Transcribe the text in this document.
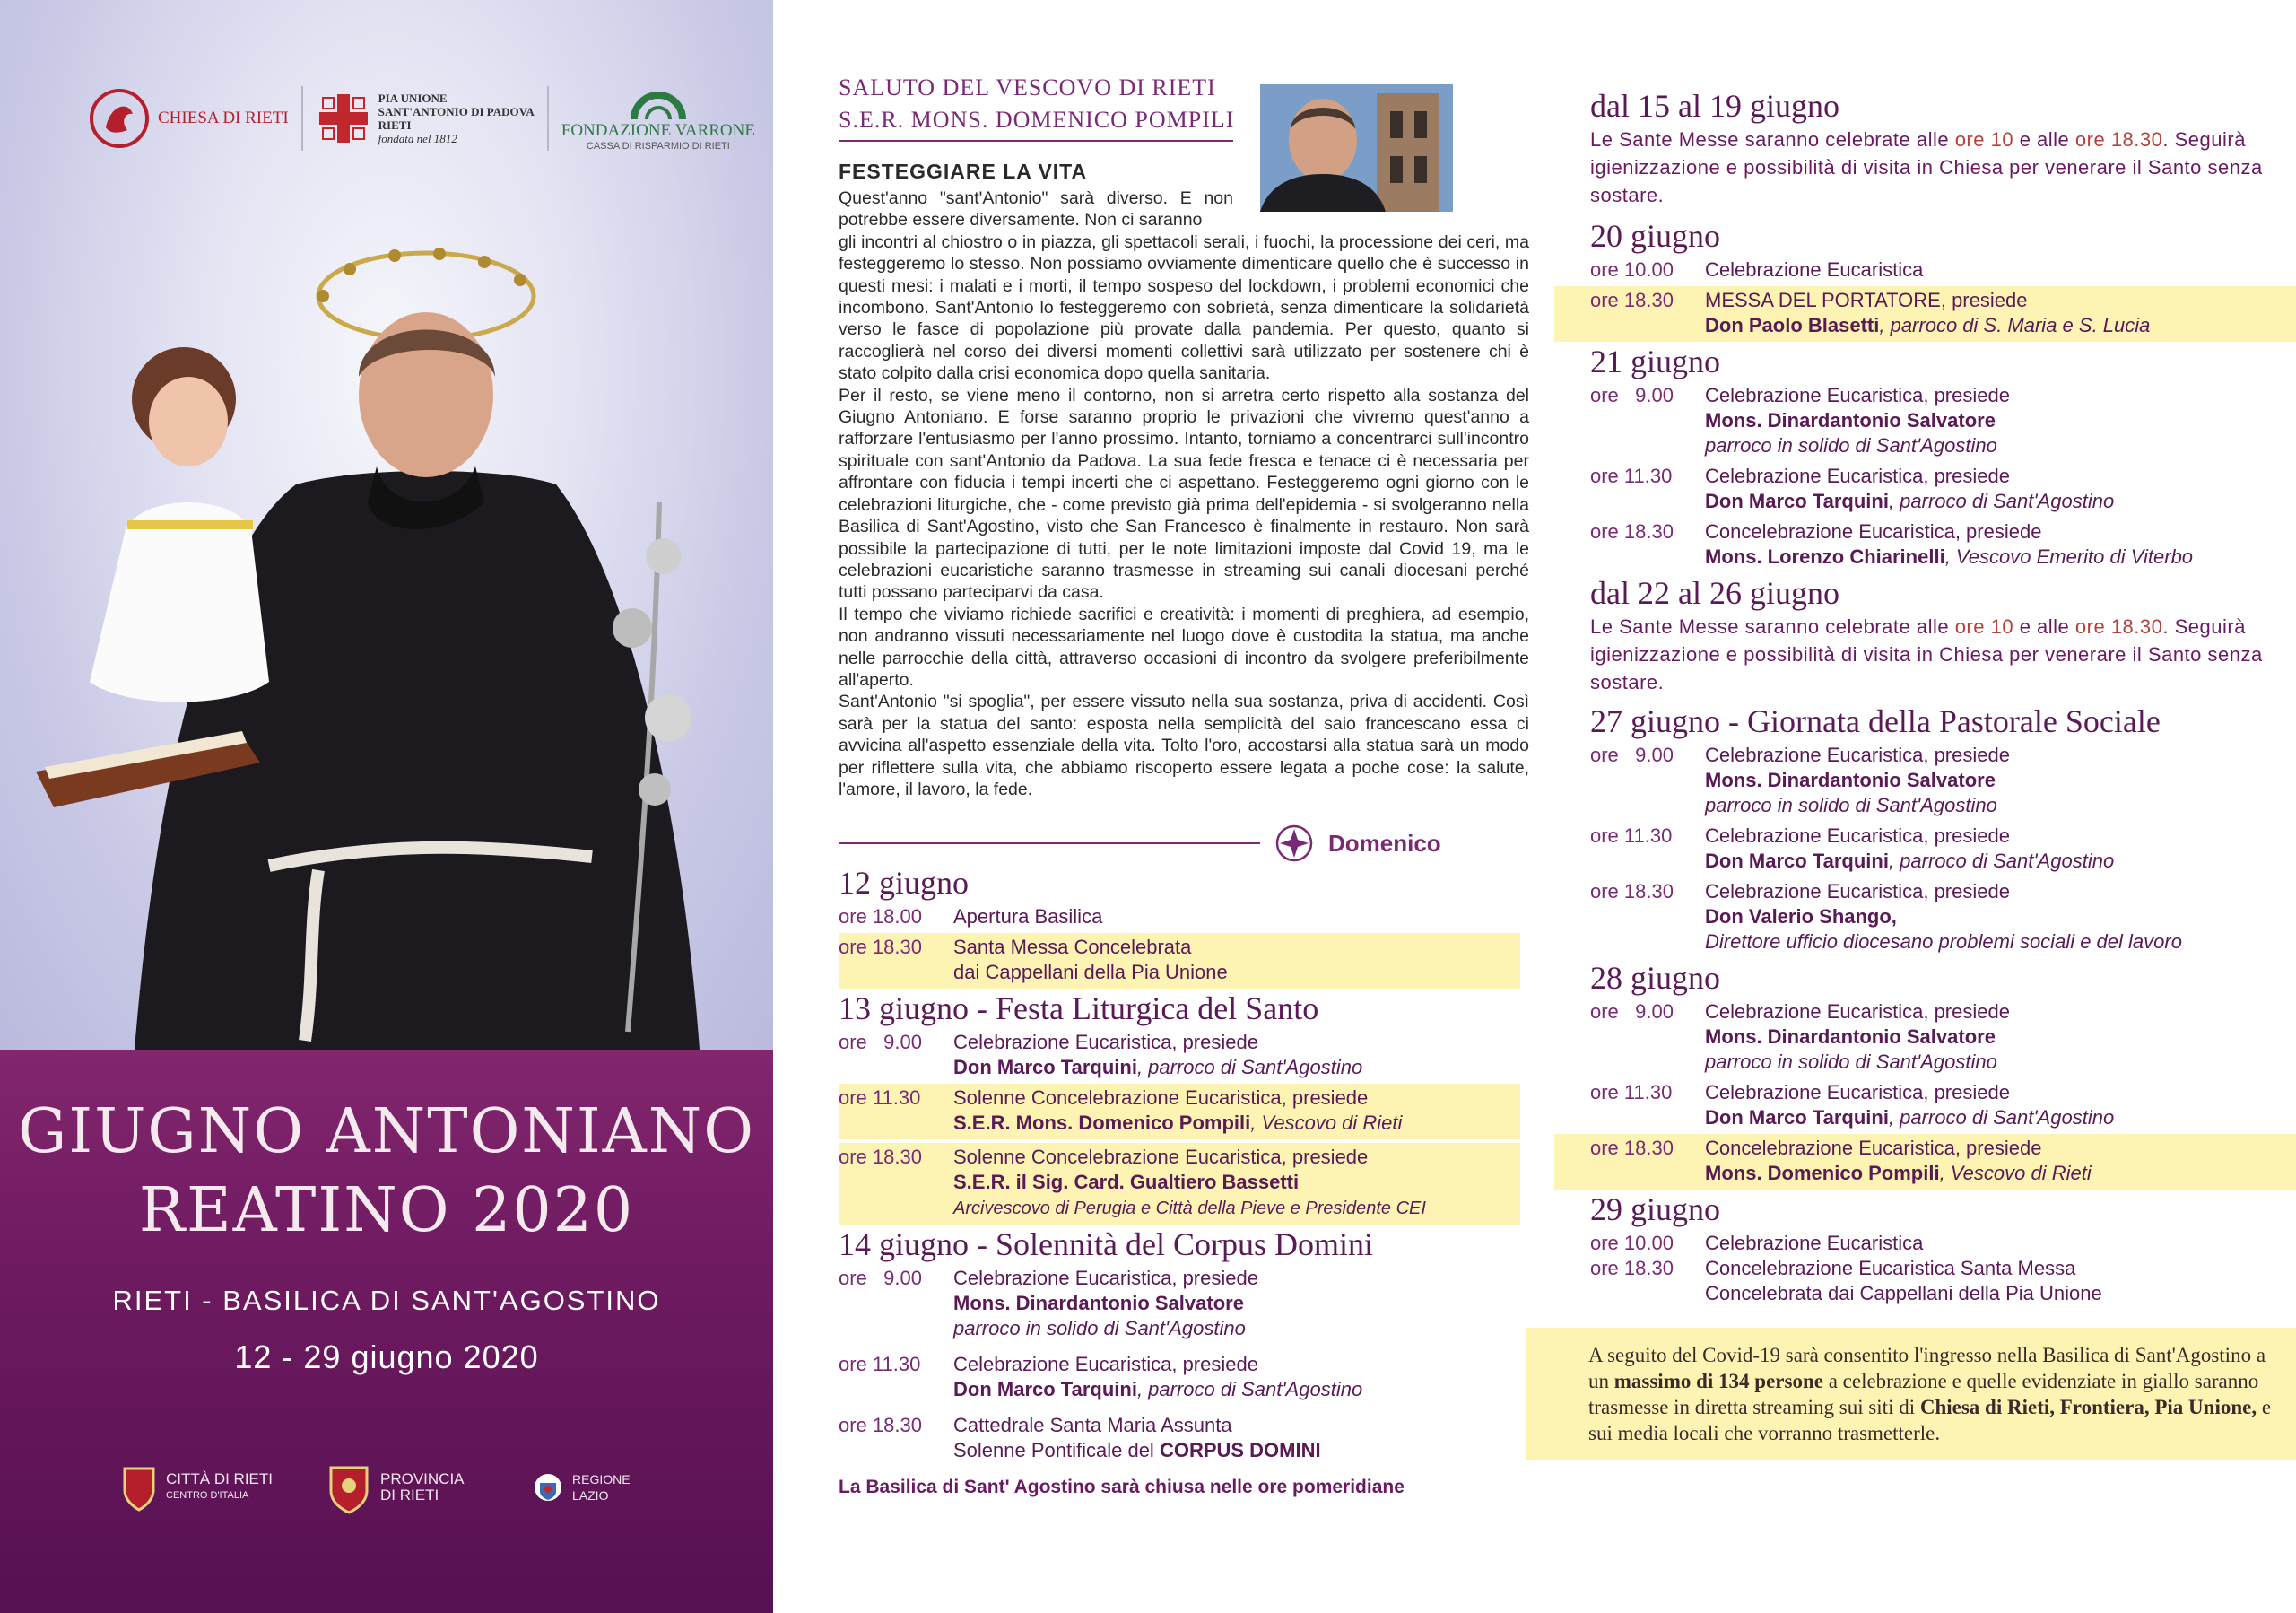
CHIESA DI RIETI
PIA UNIONE
SANT'ANTONIO DI PADOVA
RIETI
fondata nel 1812	FONDAZIONE VARRONE
CASSA DI RISPARMIO DI RIETI
GIUGNO ANTONIANO
REATINO 2020
RIETI - BASILICA DI SANT'AGOSTINO
12 - 29 giugno 2020
CITTÀ DI RIETI
CENTRO D'ITALIA
PROVINCIA DI RIETI
REGIONE LAZIO
SALUTO DEL VESCOVO DI RIETI
S.E.R. MONS. DOMENICO POMPILI
FESTEGGIARE LA VITA

Quest'anno "sant'Antonio" sarà diverso. E non potrebbe essere diversamente. Non ci saranno

gli incontri al chiostro o in piazza, gli spettacoli serali, i fuochi, la processione dei ceri, ma festeggeremo lo stesso. Non possiamo ovviamente dimenticare quello che è successo in questi mesi: i malati e i morti, il tempo sospeso del lockdown, i problemi economici che incombono. Sant'Antonio lo festeggeremo con sobrietà, senza dimenticare la solidarietà verso le fasce di popolazione più provate dalla pandemia. Per questo, quanto si raccoglierà nel corso dei diversi momenti collettivi sarà utilizzato per sostenere chi è stato colpito dalla crisi economica dopo quella sanitaria.

Per il resto, se viene meno il contorno, non si arretra certo rispetto alla sostanza del Giugno Antoniano. E forse saranno proprio le privazioni che vivremo quest'anno a rafforzare l'entusiasmo per l'anno prossimo. Intanto, torniamo a concentrarci sull'incontro spirituale con sant'Antonio da Padova. La sua fede fresca e tenace ci è necessaria per affrontare con fiducia i tempi incerti che ci aspettano. Festeggeremo ogni giorno con le celebrazioni liturgiche, che - come previsto già prima dell'epidemia - si svolgeranno nella Basilica di Sant'Agostino, visto che San Francesco è finalmente in restauro. Non sarà possibile la partecipazione di tutti, per le note limitazioni imposte dal Covid 19, ma le celebrazioni eucaristiche saranno trasmesse in streaming sui canali diocesani perché tutti possano parteciparvi da casa.

Il tempo che viviamo richiede sacrifici e creatività: i momenti di preghiera, ad esempio, non andranno vissuti necessariamente nel luogo dove è custodita la statua, ma anche nelle parrocchie della città, attraverso occasioni di incontro da svolgere preferibilmente all'aperto.

Sant'Antonio "si spoglia", per essere vissuto nella sua sostanza, priva di accidenti. Così sarà per la statua del santo: esposta nella semplicità del saio francescano essa ci avvicina all'aspetto essenziale della vita. Tolto l'oro, accostarsi alla statua sarà un modo per riflettere sulla vita, che abbiamo riscoperto essere legata a poche cose: la salute, l'amore, il lavoro, la fede.

Domenico
12 giugno
ore 18.00	Apertura Basilica
ore 18.30	Santa Messa Concelebrata
dai Cappellani della Pia Unione
13 giugno - Festa Liturgica del Santo
ore   9.00	Celebrazione Eucaristica, presiede
Don Marco Tarquini, parroco di Sant'Agostino
ore 11.30	Solenne Concelebrazione Eucaristica, presiede
S.E.R. Mons. Domenico Pompili, Vescovo di Rieti
ore 18.30	Solenne Concelebrazione Eucaristica, presiede
S.E.R. il Sig. Card. Gualtiero Bassetti
Arcivescovo di Perugia e Città della Pieve e Presidente CEI
14 giugno - Solennità del Corpus Domini
ore   9.00	Celebrazione Eucaristica, presiede
Mons. Dinardantonio Salvatore
parroco in solido di Sant'Agostino
ore 11.30	Celebrazione Eucaristica, presiede
Don Marco Tarquini, parroco di Sant'Agostino
ore 18.30	Cattedrale Santa Maria Assunta
Solenne Pontificale del CORPUS DOMINI
La Basilica di Sant' Agostino sarà chiusa nelle ore pomeridiane
dal 15 al 19 giugno
Le Sante Messe saranno celebrate alle ore 10 e alle ore 18.30. Seguirà igienizzazione e possibilità di visita in Chiesa per venerare il Santo senza sostare.
20 giugno
ore 10.00	Celebrazione Eucaristica
ore 18.30	MESSA DEL PORTATORE, presiede
Don Paolo Blasetti, parroco di S. Maria e S. Lucia
21 giugno
ore   9.00	Celebrazione Eucaristica, presiede
Mons. Dinardantonio Salvatore
parroco in solido di Sant'Agostino
ore 11.30	Celebrazione Eucaristica, presiede
Don Marco Tarquini, parroco di Sant'Agostino
ore 18.30	Concelebrazione Eucaristica, presiede
Mons. Lorenzo Chiarinelli, Vescovo Emerito di Viterbo
dal 22 al 26 giugno
Le Sante Messe saranno celebrate alle ore 10 e alle ore 18.30. Seguirà igienizzazione e possibilità di visita in Chiesa per venerare il Santo senza sostare.
27 giugno - Giornata della Pastorale Sociale
ore   9.00	Celebrazione Eucaristica, presiede
Mons. Dinardantonio Salvatore
parroco in solido di Sant'Agostino
ore 11.30	Celebrazione Eucaristica, presiede
Don Marco Tarquini, parroco di Sant'Agostino
ore 18.30	Celebrazione Eucaristica, presiede
Don Valerio Shango,
Direttore ufficio diocesano problemi sociali e del lavoro
28 giugno
ore   9.00	Celebrazione Eucaristica, presiede
Mons. Dinardantonio Salvatore
parroco in solido di Sant'Agostino
ore 11.30	Celebrazione Eucaristica, presiede
Don Marco Tarquini, parroco di Sant'Agostino
ore 18.30	Concelebrazione Eucaristica, presiede
Mons. Domenico Pompili, Vescovo di Rieti
29 giugno
ore 10.00	Celebrazione Eucaristica
ore 18.30	Concelebrazione Eucaristica Santa Messa
Concelebrata dai Cappellani della Pia Unione
A seguito del Covid-19 sarà consentito l'ingresso nella Basilica di Sant'Agostino a un massimo di 134 persone a celebrazione e quelle evidenziate in giallo saranno trasmesse in diretta streaming sui siti di Chiesa di Rieti, Frontiera, Pia Unione, e sui media locali che vorranno trasmetterle.
